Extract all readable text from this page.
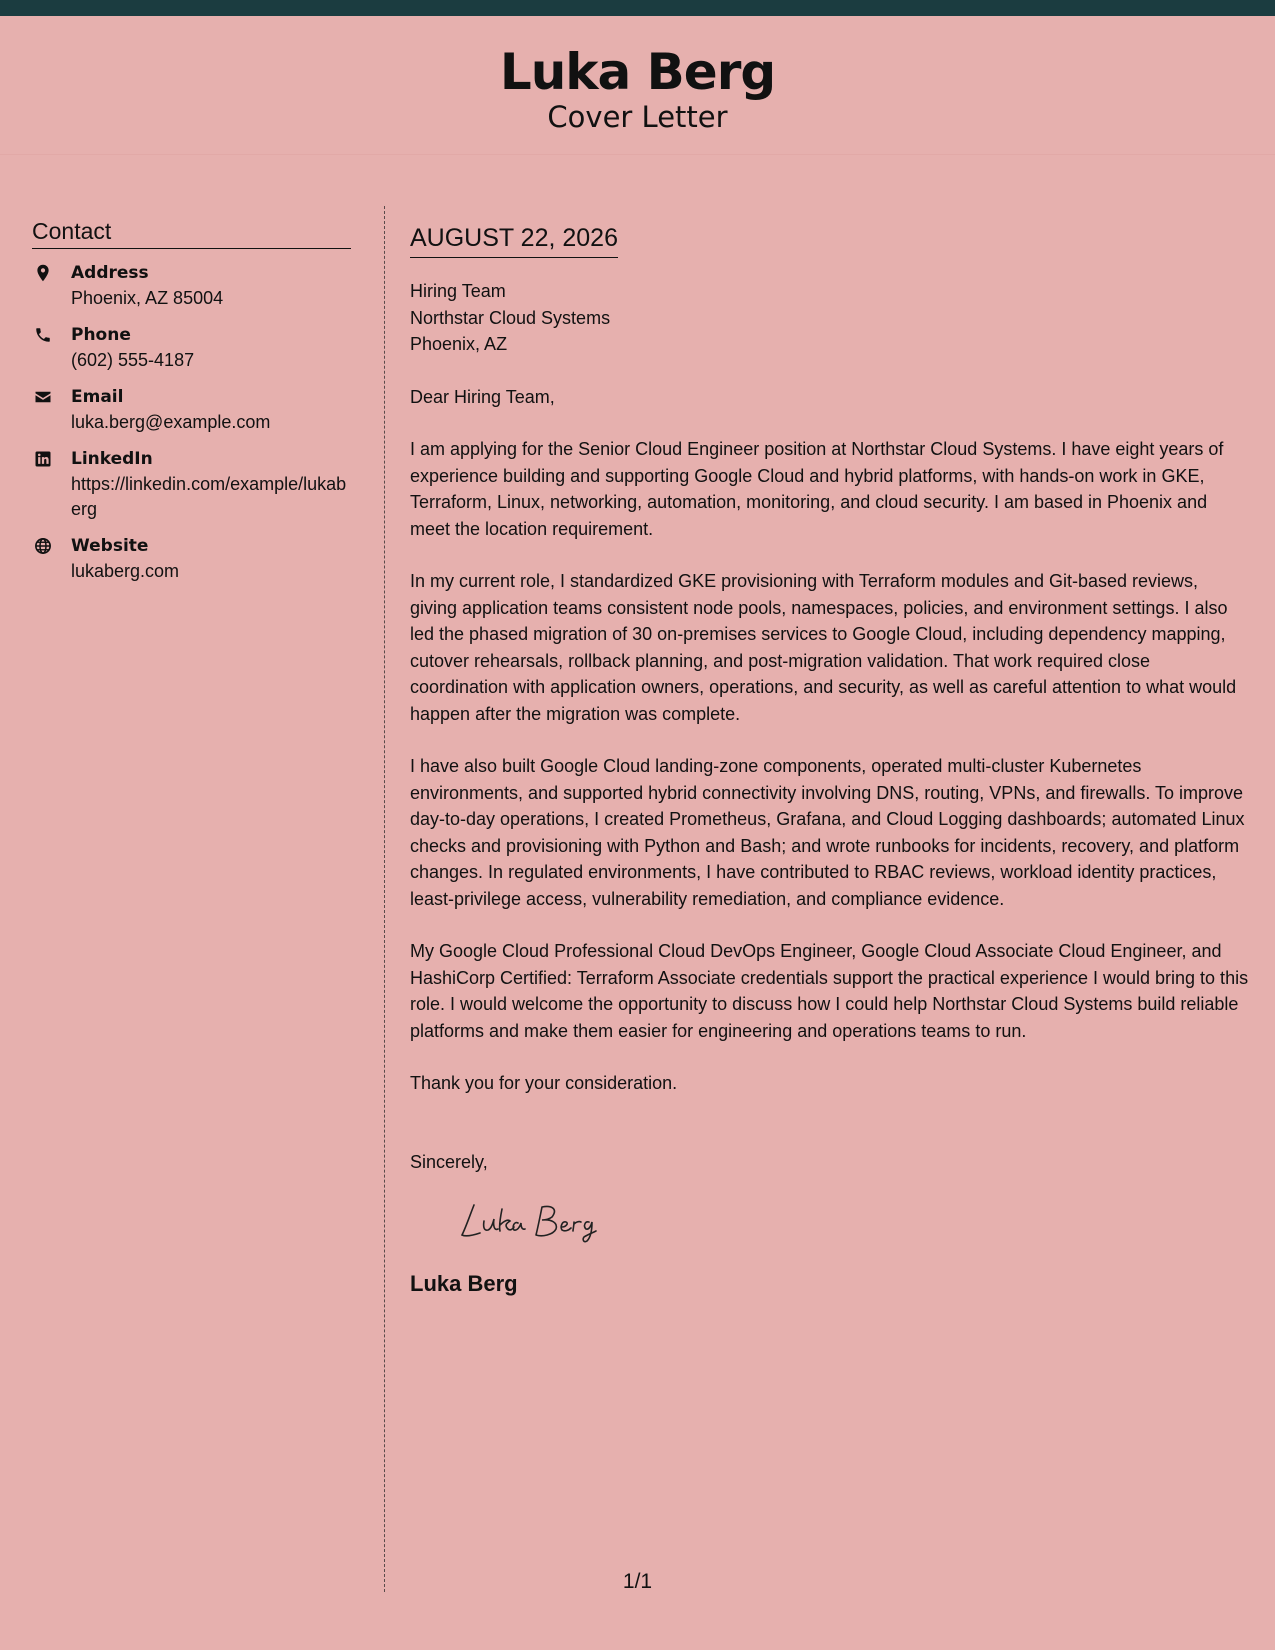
Luka Berg
Cover Letter
Contact
Address
Phoenix, AZ 85004
Phone
(602) 555-4187
Email
luka.berg@example.com
LinkedIn
https://linkedin.com/example/lukaberg
Website
lukaberg.com
AUGUST 22, 2026
Hiring Team
Northstar Cloud Systems
Phoenix, AZ
Dear Hiring Team,

I am applying for the Senior Cloud Engineer position at Northstar Cloud Systems. I have eight years of experience building and supporting Google Cloud and hybrid platforms, with hands-on work in GKE, Terraform, Linux, networking, automation, monitoring, and cloud security. I am based in Phoenix and meet the location requirement.

In my current role, I standardized GKE provisioning with Terraform modules and Git-based reviews, giving application teams consistent node pools, namespaces, policies, and environment settings. I also led the phased migration of 30 on-premises services to Google Cloud, including dependency mapping, cutover rehearsals, rollback planning, and post-migration validation. That work required close coordination with application owners, operations, and security, as well as careful attention to what would happen after the migration was complete.

I have also built Google Cloud landing-zone components, operated multi-cluster Kubernetes environments, and supported hybrid connectivity involving DNS, routing, VPNs, and firewalls. To improve day-to-day operations, I created Prometheus, Grafana, and Cloud Logging dashboards; automated Linux checks and provisioning with Python and Bash; and wrote runbooks for incidents, recovery, and platform changes. In regulated environments, I have contributed to RBAC reviews, workload identity practices, least-privilege access, vulnerability remediation, and compliance evidence.

My Google Cloud Professional Cloud DevOps Engineer, Google Cloud Associate Cloud Engineer, and HashiCorp Certified: Terraform Associate credentials support the practical experience I would bring to this role. I would welcome the opportunity to discuss how I could help Northstar Cloud Systems build reliable platforms and make them easier for engineering and operations teams to run.

Thank you for your consideration.

Sincerely,
Luka Berg
1/1
